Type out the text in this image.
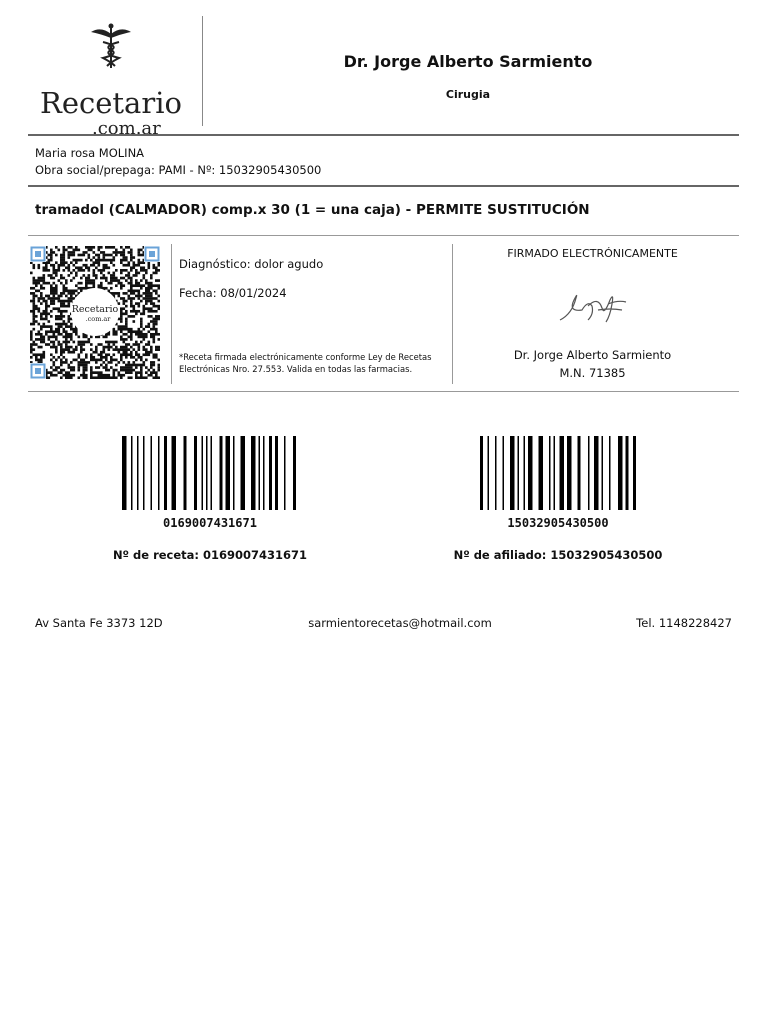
Recetario
.com.ar
Dr. Jorge Alberto Sarmiento
Cirugia
Maria rosa MOLINA
Obra social/prepaga: PAMI - Nº: 15032905430500
tramadol (CALMADOR) comp.x 30 (1 = una caja) - PERMITE SUSTITUCIÓN
Recetario
.com.ar
Diagnóstico: dolor agudo
Fecha: 08/01/2024
*Receta firmada electrónicamente conforme Ley de Recetas Electrónicas Nro. 27.553. Valida en todas las farmacias.
FIRMADO ELECTRÓNICAMENTE
Dr. Jorge Alberto Sarmiento
M.N. 71385
0169007431671
Nº de receta: 0169007431671
15032905430500
Nº de afiliado: 15032905430500
Av Santa Fe 3373 12D	sarmientorecetas@hotmail.com	Tel. 1148228427
